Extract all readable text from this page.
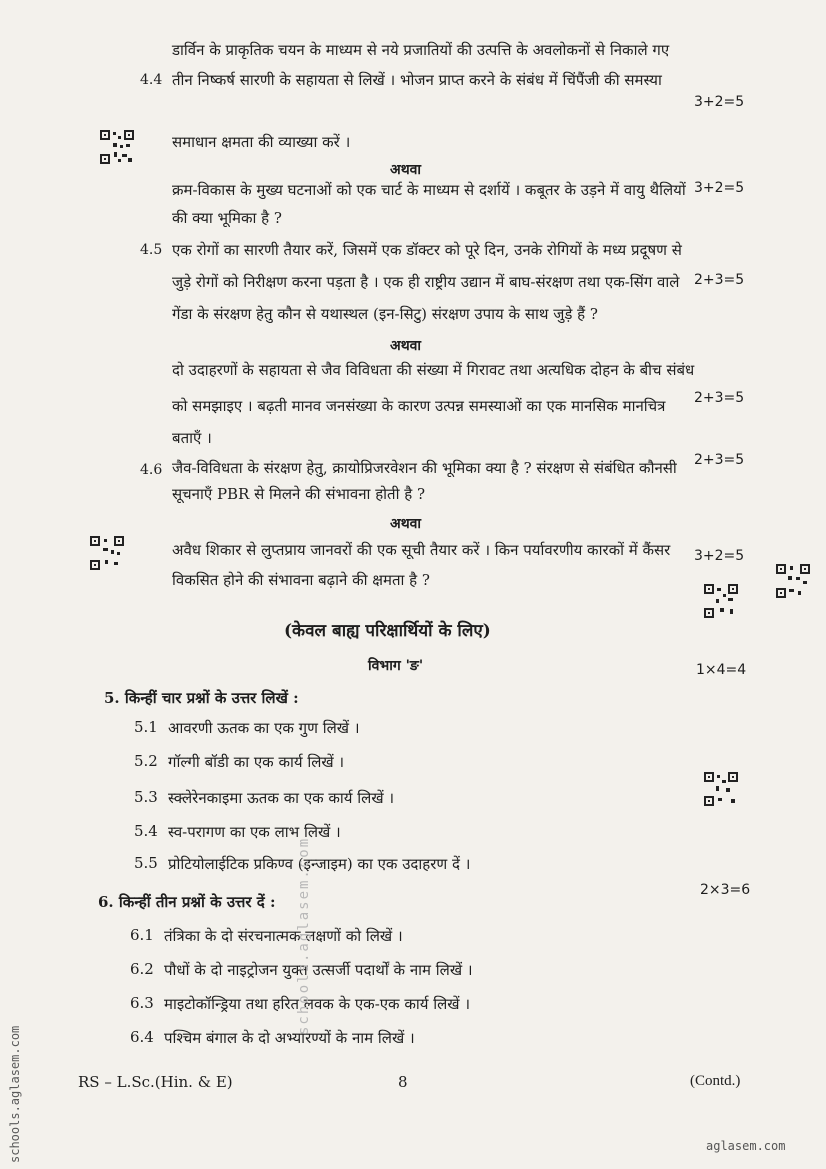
4.4
डार्विन के प्राकृतिक चयन के माध्यम से नये प्रजातियों की उत्पत्ति के अवलोकनों से निकाले गए
तीन निष्कर्ष सारणी के सहायता से लिखें । भोजन प्राप्त करने के संबंध में चिंपैंजी की समस्या
समाधान क्षमता की व्याख्या करें ।
3+2=5
अथवा
क्रम-विकास के मुख्य घटनाओं को एक चार्ट के माध्यम से दर्शायें । कबूतर के उड़ने में वायु थैलियों
की क्या भूमिका है ?
3+2=5
4.5 एक रोगों का सारणी तैयार करें, जिसमें एक डॉक्टर को पूरे दिन, उनके रोगियों के मध्य प्रदूषण से
जुड़े रोगों को निरीक्षण करना पड़ता है । एक ही राष्ट्रीय उद्यान में बाघ-संरक्षण तथा एक-सिंग वाले
गेंडा के संरक्षण हेतु कौन से यथास्थल (इन-सिटु) संरक्षण उपाय के साथ जुड़े हैं ?
2+3=5
अथवा
दो उदाहरणों के सहायता से जैव विविधता की संख्या में गिरावट तथा अत्यधिक दोहन के बीच संबंध
को समझाइए । बढ़ती मानव जनसंख्या के कारण उत्पन्न समस्याओं का एक मानसिक मानचित्र
बताएँ ।
2+3=5
4.6 जैव-विविधता के संरक्षण हेतु, क्रायोप्रिजरवेशन की भूमिका क्या है ? संरक्षण से संबंधित कौनसी
सूचनाएँ PBR से मिलने की संभावना होती है ?
2+3=5
अथवा
अवैध शिकार से लुप्तप्राय जानवरों की एक सूची तैयार करें । किन पर्यावरणीय कारकों में कैंसर
विकसित होने की संभावना बढ़ाने की क्षमता है ?
3+2=5
(केवल बाह्य परिक्षार्थियों के लिए)
विभाग 'ङ'	1×4=4
5. किन्हीं चार प्रश्नों के उत्तर लिखें :
5.1 आवरणी ऊतक का एक गुण लिखें ।
5.2 गॉल्गी बॉडी का एक कार्य लिखें ।
5.3 स्क्लेरेनकाइमा ऊतक का एक कार्य लिखें ।
5.4 स्व-परागण का एक लाभ लिखें ।
5.5 प्रोटियोलाईटिक प्रकिण्व (इन्जाइम) का एक उदाहरण दें ।
6. किन्हीं तीन प्रश्नों के उत्तर दें :
2×3=6
6.1 तंत्रिका के दो संरचनात्मक लक्षणों को लिखें ।
6.2 पौधों के दो नाइट्रोजन युक्त उत्सर्जी पदार्थों के नाम लिखें ।
6.3 माइटोकॉन्ड्रिया तथा हरित लवक के एक-एक कार्य लिखें ।
6.4 पश्चिम बंगाल के दो अभ्यारण्यों के नाम लिखें ।
RS – L.Sc.(Hin. & E)	8	(Contd.)
schools.aglasem.com
schools.aglasem.com
aglasem.com
